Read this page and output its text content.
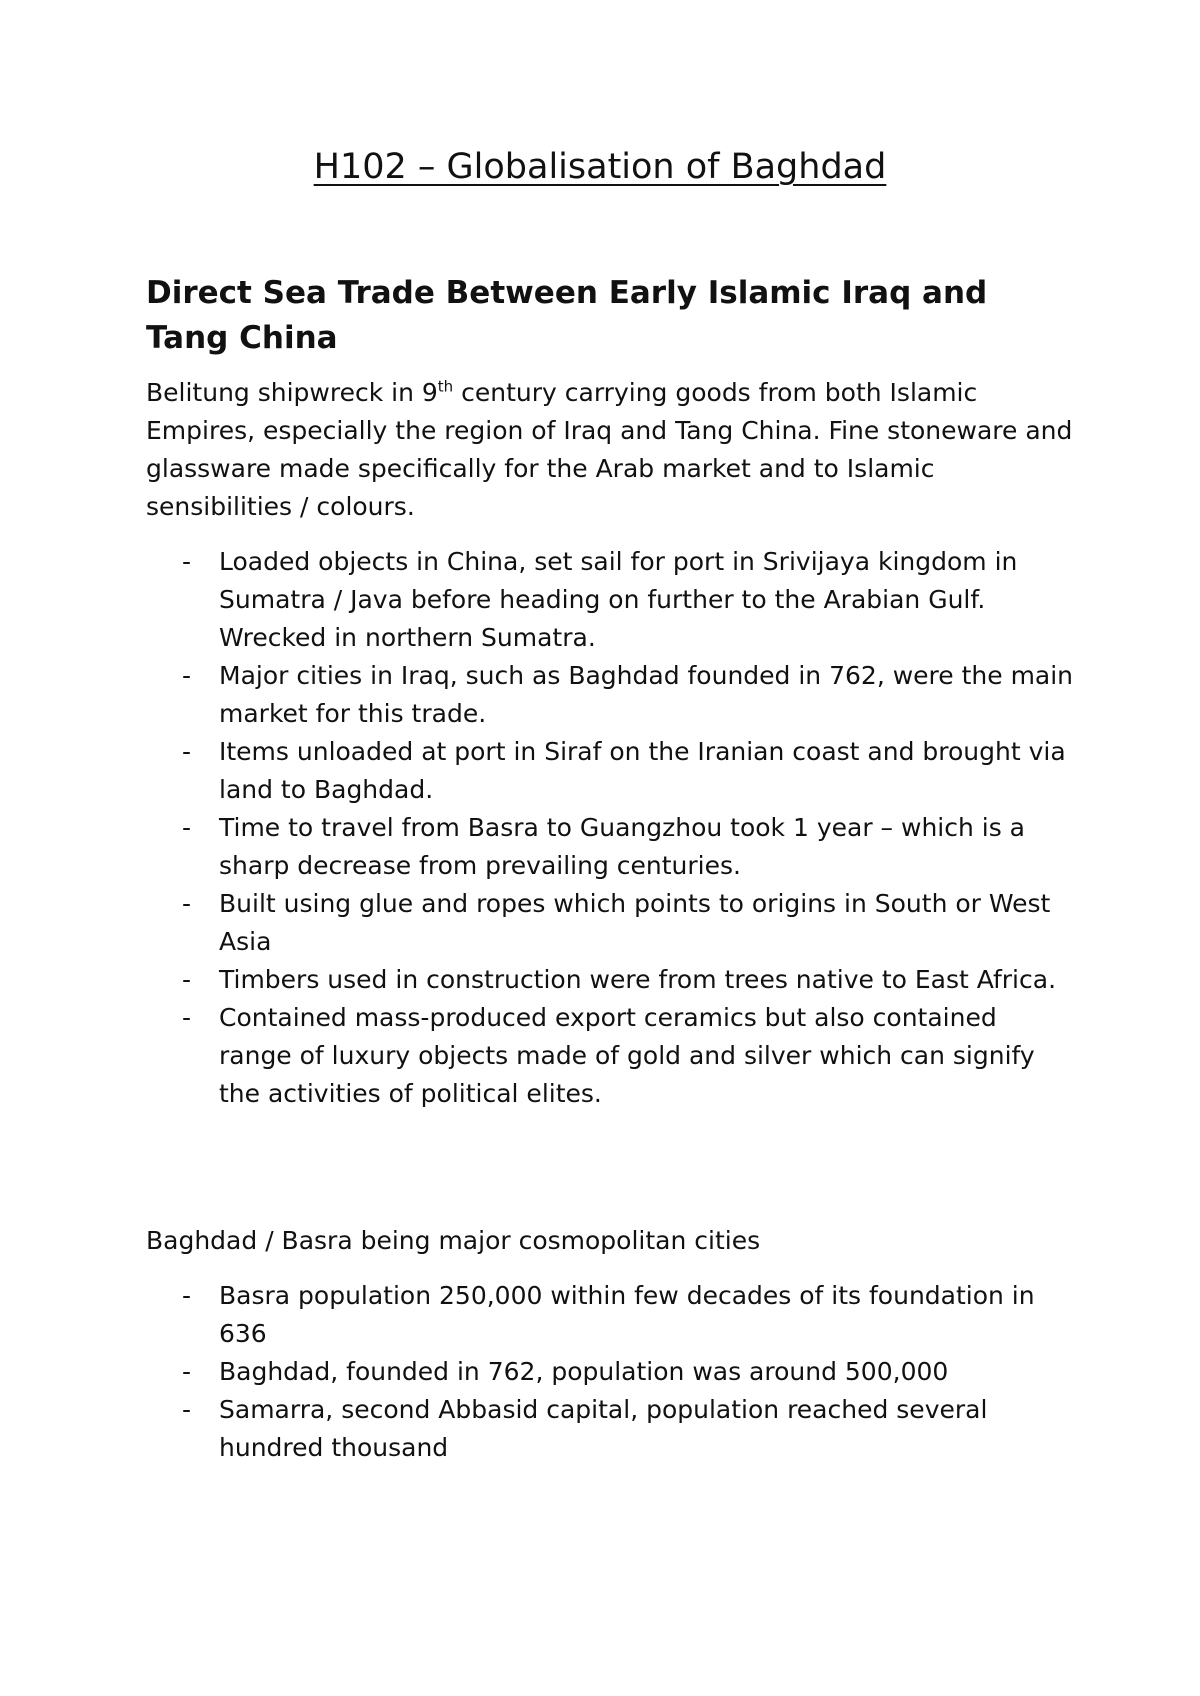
H102 – Globalisation of Baghdad
Direct Sea Trade Between Early Islamic Iraq and Tang China

Belitung shipwreck in 9th century carrying goods from both Islamic Empires, especially the region of Iraq and Tang China. Fine stoneware and glassware made specifically for the Arab market and to Islamic sensibilities / colours.

- Loaded objects in China, set sail for port in Srivijaya kingdom in Sumatra / Java before heading on further to the Arabian Gulf. Wrecked in northern Sumatra.
- Major cities in Iraq, such as Baghdad founded in 762, were the main market for this trade.
- Items unloaded at port in Siraf on the Iranian coast and brought via land to Baghdad.
- Time to travel from Basra to Guangzhou took 1 year – which is a sharp decrease from prevailing centuries.
- Built using glue and ropes which points to origins in South or West Asia
- Timbers used in construction were from trees native to East Africa.
- Contained mass-produced export ceramics but also contained range of luxury objects made of gold and silver which can signify the activities of political elites.
Baghdad / Basra being major cosmopolitan cities
- Basra population 250,000 within few decades of its foundation in 636
- Baghdad, founded in 762, population was around 500,000
- Samarra, second Abbasid capital, population reached several hundred thousand
